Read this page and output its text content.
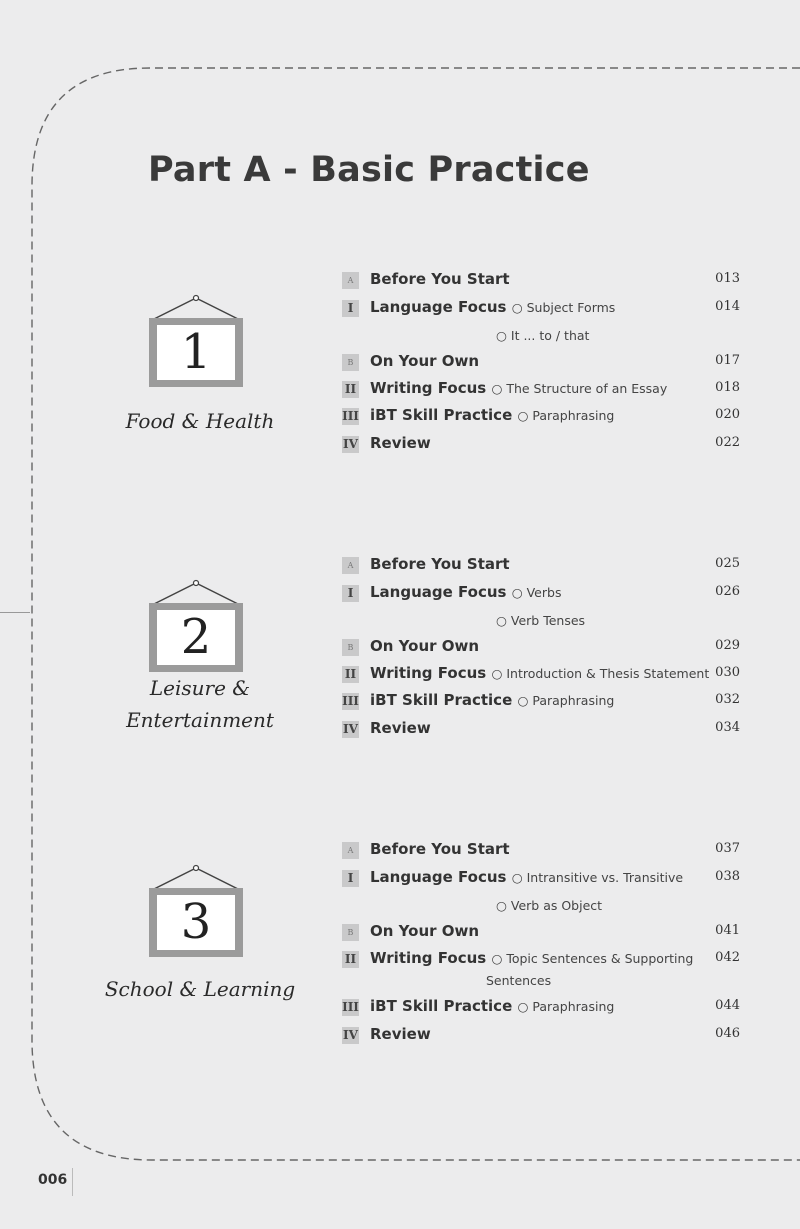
Part A - Basic Practice
1
Food & Health
A	Before You Start	013
I	Language Focus ○ Subject Forms	014
○ It ... to / that
B	On Your Own	017
II Writing Focus ○ The Structure of an Essay	018
III iBT Skill Practice ○ Paraphrasing	020
IV Review	022
2
Leisure &
Entertainment
A	Before You Start	025
I	Language Focus ○ Verbs	026
○ Verb Tenses
B	On Your Own	029
II Writing Focus ○ Introduction & Thesis Statement 030
III iBT Skill Practice ○ Paraphrasing	032
IV Review	034
3
School & Learning
A	Before You Start	037
I	Language Focus ○ Intransitive vs. Transitive 038
○ Verb as Object
B	On Your Own	041
II Writing Focus ○ Topic Sentences & Supporting 042
Sentences
III iBT Skill Practice ○ Paraphrasing	044
IV Review	046
006
